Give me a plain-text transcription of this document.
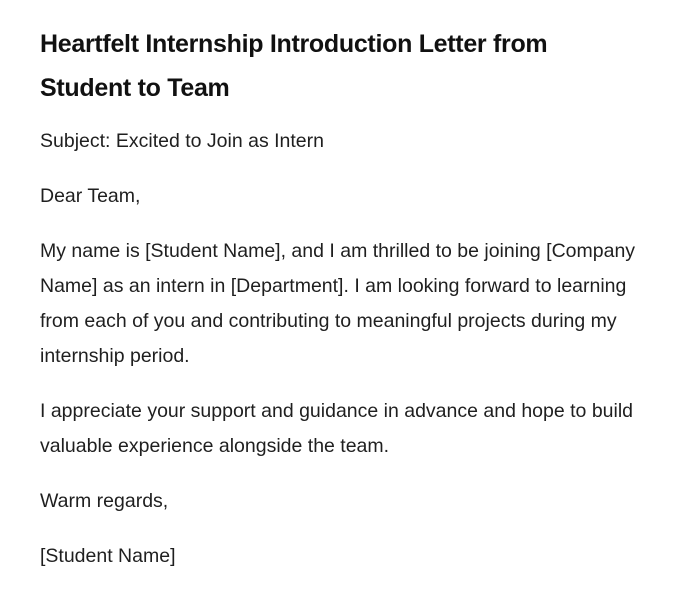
Heartfelt Internship Introduction Letter from Student to Team

Subject: Excited to Join as Intern

Dear Team,

My name is [Student Name], and I am thrilled to be joining [Company Name] as an intern in [Department]. I am looking forward to learning from each of you and contributing to meaningful projects during my internship period.

I appreciate your support and guidance in advance and hope to build valuable experience alongside the team.

Warm regards,

[Student Name]
